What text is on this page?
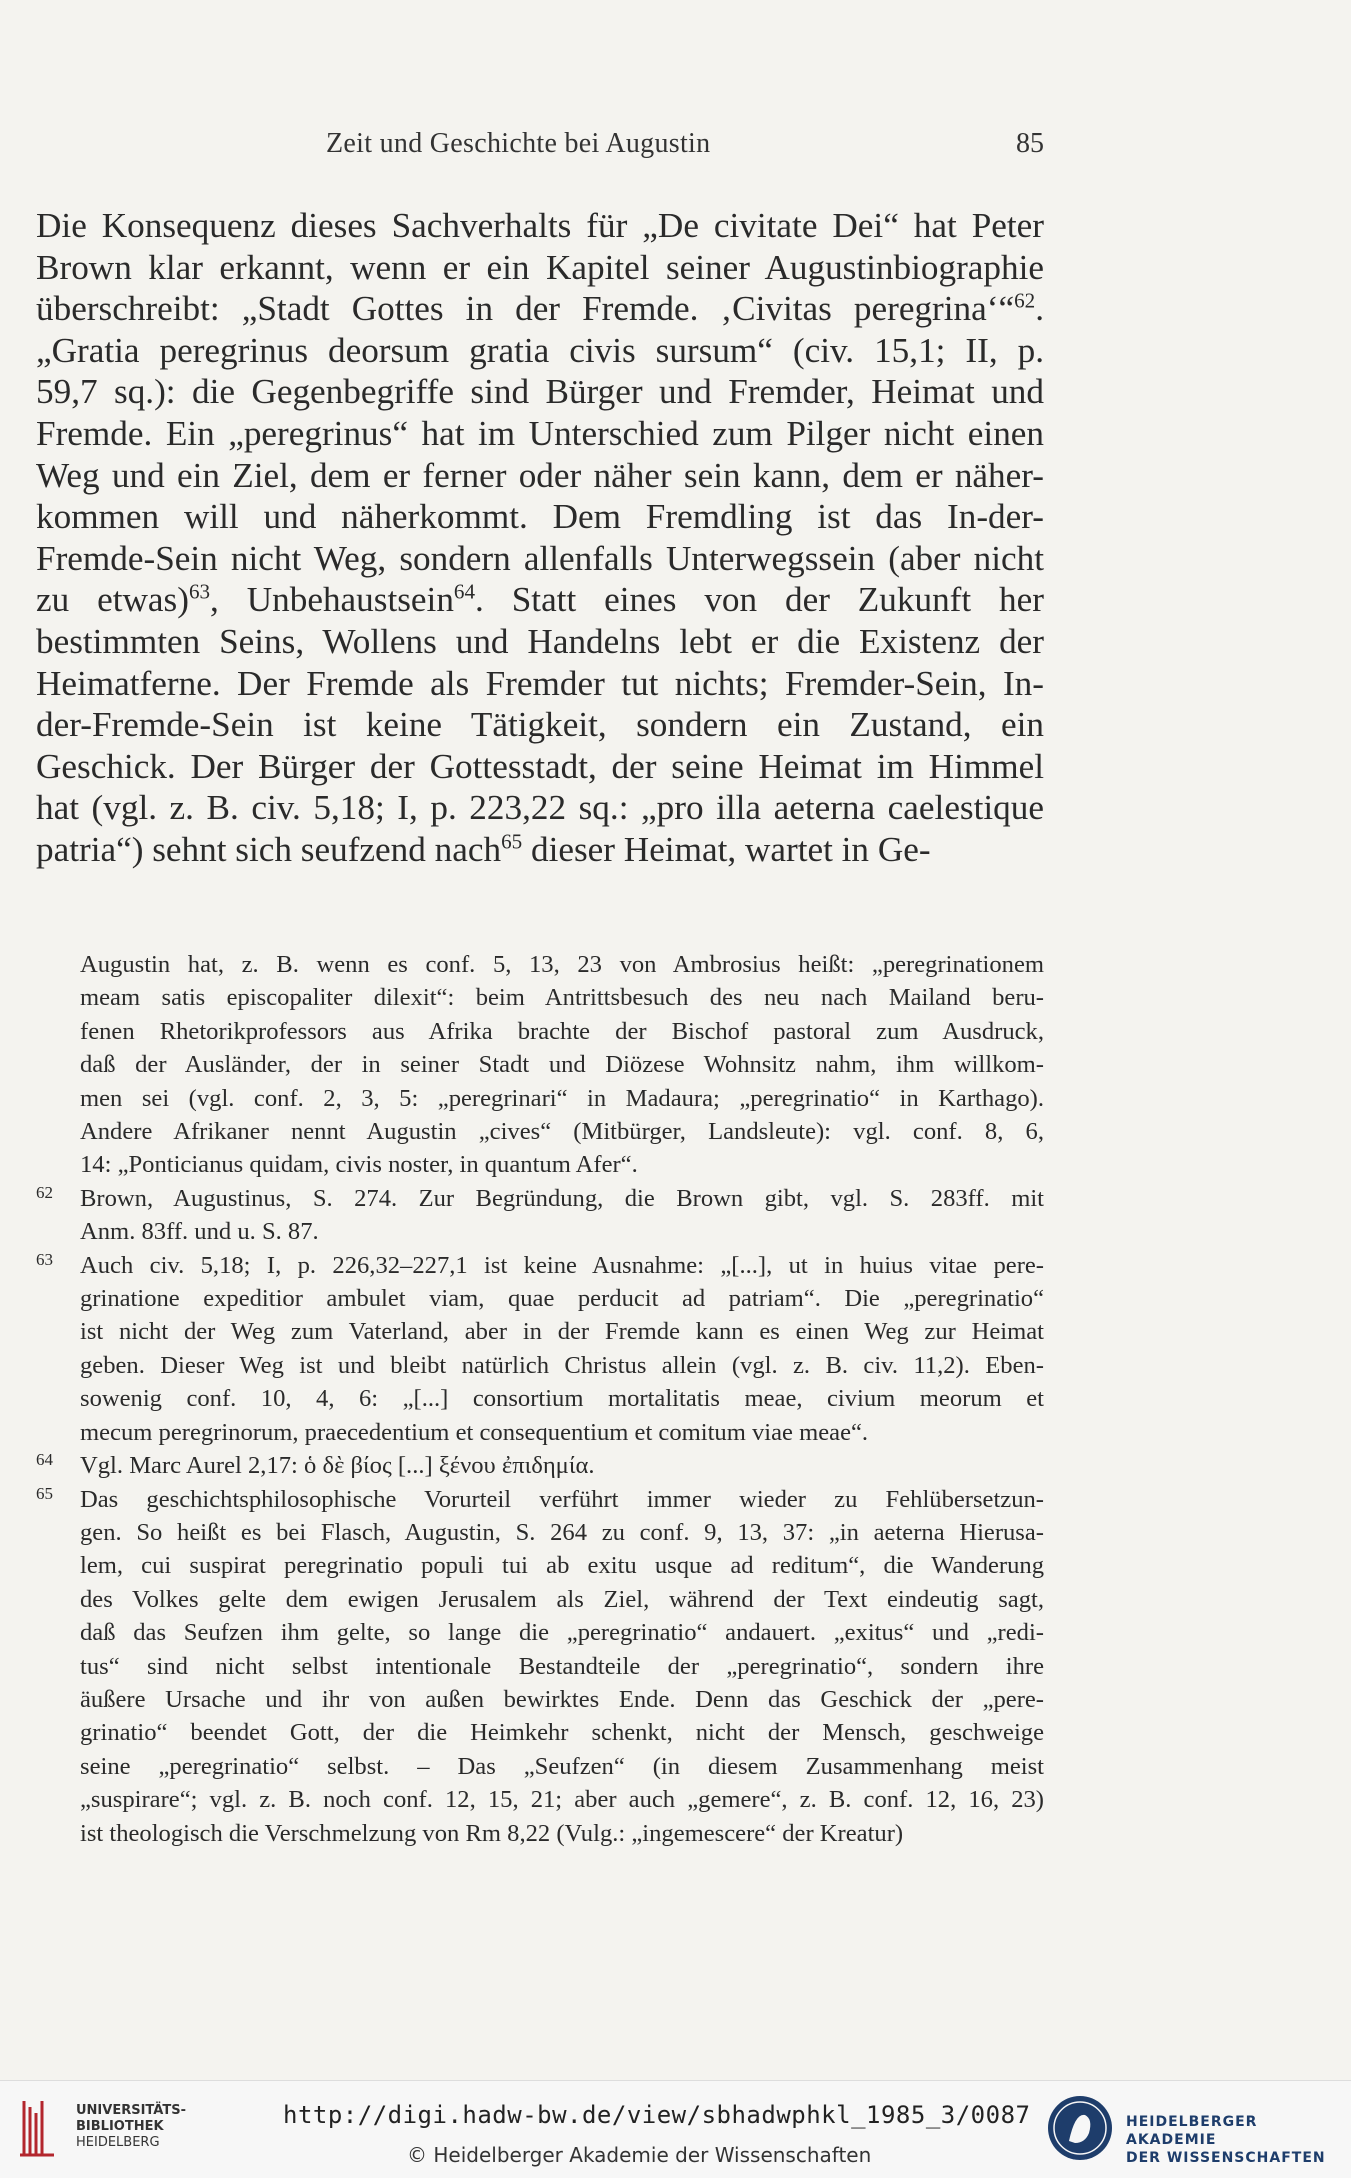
Zeit und Geschichte bei Augustin	85
Die Konsequenz dieses Sachverhalts für „De civitate Dei“ hat Peter
Brown klar erkannt, wenn er ein Kapitel seiner Augustinbiographie
überschreibt: „Stadt Gottes in der Fremde. ‚Civitas peregrina‘“$^{62}$.
„Gratia peregrinus deorsum gratia civis sursum“ (civ. 15,1; II, p.
59,7 sq.): die Gegenbegriffe sind Bürger und Fremder, Heimat und
Fremde. Ein „peregrinus“ hat im Unterschied zum Pilger nicht einen
Weg und ein Ziel, dem er ferner oder näher sein kann, dem er näher-
kommen will und näherkommt. Dem Fremdling ist das In-der-
Fremde-Sein nicht Weg, sondern allenfalls Unterwegssein (aber nicht
zu etwas)$^{63}$, Unbehaustsein$^{64}$. Statt eines von der Zukunft her
bestimmten Seins, Wollens und Handelns lebt er die Existenz der
Heimatferne. Der Fremde als Fremder tut nichts; Fremder-Sein, In-
der-Fremde-Sein ist keine Tätigkeit, sondern ein Zustand, ein
Geschick. Der Bürger der Gottesstadt, der seine Heimat im Himmel
hat (vgl. z. B. civ. 5,18; I, p. 223,22 sq.: „pro illa aeterna caelestique
patria“) sehnt sich seufzend nach$^{65}$ dieser Heimat, wartet in Ge-
Augustin hat, z. B. wenn es conf. 5, 13, 23 von Ambrosius heißt: „peregrinationem
meam satis episcopaliter dilexit“: beim Antrittsbesuch des neu nach Mailand beru-
fenen Rhetorikprofessors aus Afrika brachte der Bischof pastoral zum Ausdruck,
daß der Ausländer, der in seiner Stadt und Diözese Wohnsitz nahm, ihm willkom-
men sei (vgl. conf. 2, 3, 5: „peregrinari“ in Madaura; „peregrinatio“ in Karthago).
Andere Afrikaner nennt Augustin „cives“ (Mitbürger, Landsleute): vgl. conf. 8, 6,
14: „Ponticianus quidam, civis noster, in quantum Afer“.
62 Brown, Augustinus, S. 274. Zur Begründung, die Brown gibt, vgl. S. 283ff. mit
Anm. 83ff. und u. S. 87.
63 Auch civ. 5,18; I, p. 226,32–227,1 ist keine Ausnahme: „[...], ut in huius vitae pere-
grinatione expeditior ambulet viam, quae perducit ad patriam“. Die „peregrinatio“
ist nicht der Weg zum Vaterland, aber in der Fremde kann es einen Weg zur Heimat
geben. Dieser Weg ist und bleibt natürlich Christus allein (vgl. z. B. civ. 11,2). Eben-
sowenig conf. 10, 4, 6: „[...] consortium mortalitatis meae, civium meorum et
mecum peregrinorum, praecedentium et consequentium et comitum viae meae“.
64 Vgl. Marc Aurel 2,17: ὁ δὲ βίος [...] ξένου ἐπιδημία.
65 Das geschichtsphilosophische Vorurteil verführt immer wieder zu Fehlübersetzun-
gen. So heißt es bei Flasch, Augustin, S. 264 zu conf. 9, 13, 37: „in aeterna Hierusa-
lem, cui suspirat peregrinatio populi tui ab exitu usque ad reditum“, die Wanderung
des Volkes gelte dem ewigen Jerusalem als Ziel, während der Text eindeutig sagt,
daß das Seufzen ihm gelte, so lange die „peregrinatio“ andauert. „exitus“ und „redi-
tus“ sind nicht selbst intentionale Bestandteile der „peregrinatio“, sondern ihre
äußere Ursache und ihr von außen bewirktes Ende. Denn das Geschick der „pere-
grinatio“ beendet Gott, der die Heimkehr schenkt, nicht der Mensch, geschweige
seine „peregrinatio“ selbst. – Das „Seufzen“ (in diesem Zusammenhang meist
„suspirare“; vgl. z. B. noch conf. 12, 15, 21; aber auch „gemere“, z. B. conf. 12, 16, 23)
ist theologisch die Verschmelzung von Rm 8,22 (Vulg.: „ingemescere“ der Kreatur)
UNIVERSITÄTS-
BIBLIOTHEK
HEIDELBERG
http://digi.hadw-bw.de/view/sbhadwphkl_1985_3/0087
© Heidelberger Akademie der Wissenschaften
HEIDELBERGER AKADEMIE
DER WISSENSCHAFTEN
